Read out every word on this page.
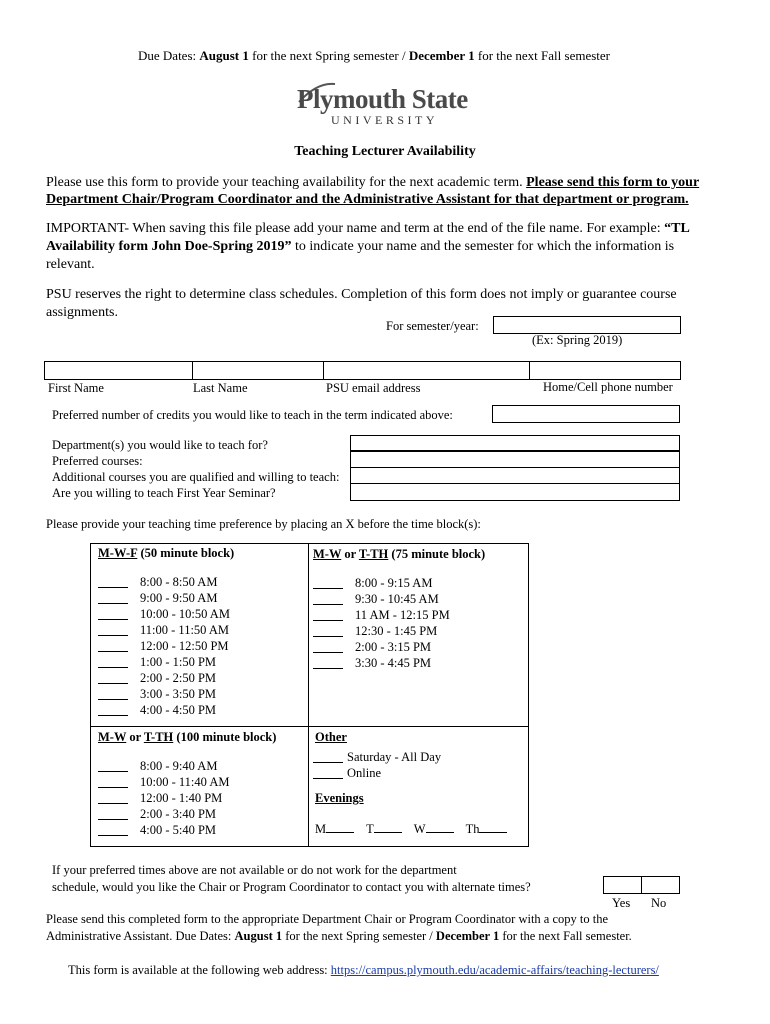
Due Dates: August 1 for the next Spring semester / December 1 for the next Fall semester
Plymouth State
UNIVERSITY
Teaching Lecturer Availability
Please use this form to provide your teaching availability for the next academic term. Please send this form to your Department Chair/Program Coordinator and the Administrative Assistant for that department or program.
IMPORTANT- When saving this file please add your name and term at the end of the file name. For example: “TL Availability form John Doe-Spring 2019” to indicate your name and the semester for which the information is relevant.
PSU reserves the right to determine class schedules. Completion of this form does not imply or guarantee course assignments.
For semester/year:
(Ex: Spring 2019)
First Name	Last Name	PSU email address	Home/Cell phone number
Preferred number of credits you would like to teach in the term indicated above:
Department(s) you would like to teach for?
Preferred courses:
Additional courses you are qualified and willing to teach:
Are you willing to teach First Year Seminar?
Please provide your teaching time preference by placing an X before the time block(s):
M-W-F (50 minute block)
8:00 - 8:50 AM
9:00 - 9:50 AM
10:00 - 10:50 AM
11:00 - 11:50 AM
12:00 - 12:50 PM
1:00 - 1:50 PM
2:00 - 2:50 PM
3:00 - 3:50 PM
4:00 - 4:50 PM
M-W or T-TH (75 minute block)
8:00 - 9:15 AM
9:30 - 10:45 AM
11 AM - 12:15 PM
12:30 - 1:45 PM
2:00 - 3:15 PM
3:30 - 4:45 PM
M-W or T-TH (100 minute block)
8:00 - 9:40 AM
10:00 - 11:40 AM
12:00 - 1:40 PM
2:00 - 3:40 PM
4:00 - 5:40 PM
Other
Saturday - All Day
Online
Evenings
M	T	W	Th
If your preferred times above are not available or do not work for the department
schedule, would you like the Chair or Program Coordinator to contact you with alternate times?
Yes No
Please send this completed form to the appropriate Department Chair or Program Coordinator with a copy to the
Administrative Assistant. Due Dates: August 1 for the next Spring semester / December 1 for the next Fall semester.
This form is available at the following web address: https://campus.plymouth.edu/academic-affairs/teaching-lecturers/
